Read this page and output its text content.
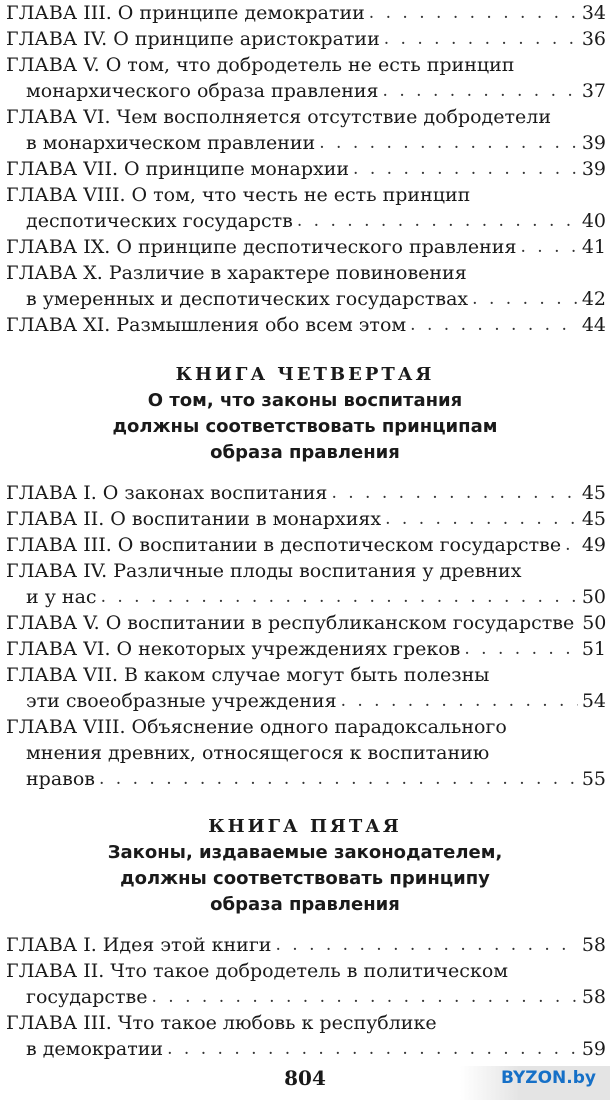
ГЛАВА III. О принципе демократии . . .	34
ГЛАВА IV. О принципе аристократии . . .	36
ГЛАВА V. О том, что добродетель не есть принцип
монархического образа правления . . .	37
ГЛАВА VI. Чем восполняется отсутствие добродетели
в монархическом правлении . . .	39
ГЛАВА VII. О принципе монархии . . .	39
ГЛАВА VIII. О том, что честь не есть принцип
деспотических государств . . .	40
ГЛАВА IX. О принципе деспотического правления . . .	41
ГЛАВА X. Различие в характере повиновения
в умеренных и деспотических государствах . . .	42
ГЛАВА XI. Размышления обо всем этом . . .	44
КНИГА ЧЕТВЕРТАЯ
О том, что законы воспитания
должны соответствовать принципам
образа правления
ГЛАВА I. О законах воспитания . . .	45
ГЛАВА II. О воспитании в монархиях . . .	45
ГЛАВА III. О воспитании в деспотическом государстве . . . 49
ГЛАВА IV. Различные плоды воспитания у древних
и у нас . . .	50
ГЛАВА V. О воспитании в республиканском государстве 50
ГЛАВА VI. О некоторых учреждениях греков . . .	51
ГЛАВА VII. В каком случае могут быть полезны
эти своеобразные учреждения . . .	54
ГЛАВА VIII. Объяснение одного парадоксального
мнения древних, относящегося к воспитанию
нравов . . .	55
КНИГА ПЯТАЯ
Законы, издаваемые законодателем,
должны соответствовать принципу
образа правления
ГЛАВА I. Идея этой книги . . .	58
ГЛАВА II. Что такое добродетель в политическом
государстве . . .	58
ГЛАВА III. Что такое любовь к республике
в демократии . . .	59
804	BYZON.by
